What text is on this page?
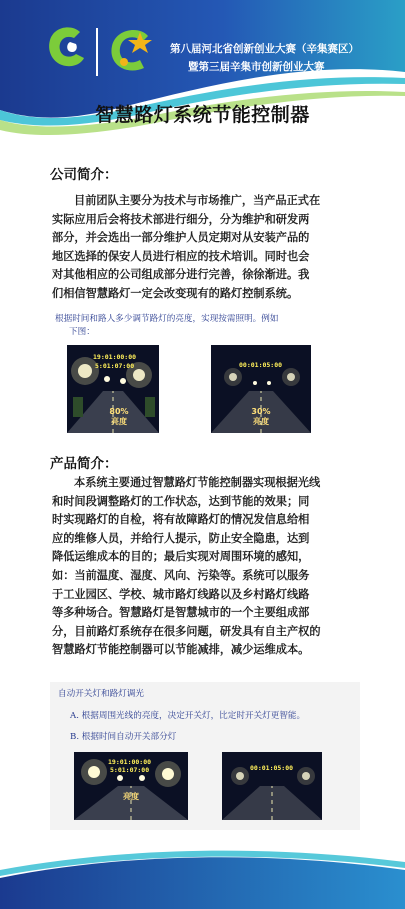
第八届河北省创新创业大赛（辛集赛区）
暨第三届辛集市创新创业大赛
智慧路灯系统节能控制器
公司简介：
目前团队主要分为技术与市场推广，当产品正式在
实际应用后会将技术部进行细分，分为维护和研发两
部分，并会选出一部分维护人员定期对从安装产品的
地区选择的保安人员进行相应的技术培训。同时也会
对其他相应的公司组成部分进行完善，徐徐渐进。我
们相信智慧路灯一定会改变现有的路灯控制系统。
根据时间和路人多少调节路灯的亮度，实现按需照明。例如
下图：
19:01:00:00
5:01:07:00
80%
亮度
00:01:05:00
30%
亮度
产品简介：
本系统主要通过智慧路灯节能控制器实现根据光线
和时间段调整路灯的工作状态，达到节能的效果；同
时实现路灯的自检，将有故障路灯的情况发信息给相
应的维修人员，并给行人提示，防止安全隐患，达到
降低运维成本的目的；最后实现对周围环境的感知，
如：当前温度、湿度、风向、污染等。系统可以服务
于工业园区、学校、城市路灯线路以及乡村路灯线路
等多种场合。智慧路灯是智慧城市的一个主要组成部
分，目前路灯系统存在很多问题，研发具有自主产权的
智慧路灯节能控制器可以节能减排，减少运维成本。
自动开关灯和路灯调光
A. 根据周围光线的亮度，决定开关灯，比定时开关灯更智能。
B. 根据时间自动开关部分灯
19:01:00:00
5:01:07:00
亮度
00:01:05:00
